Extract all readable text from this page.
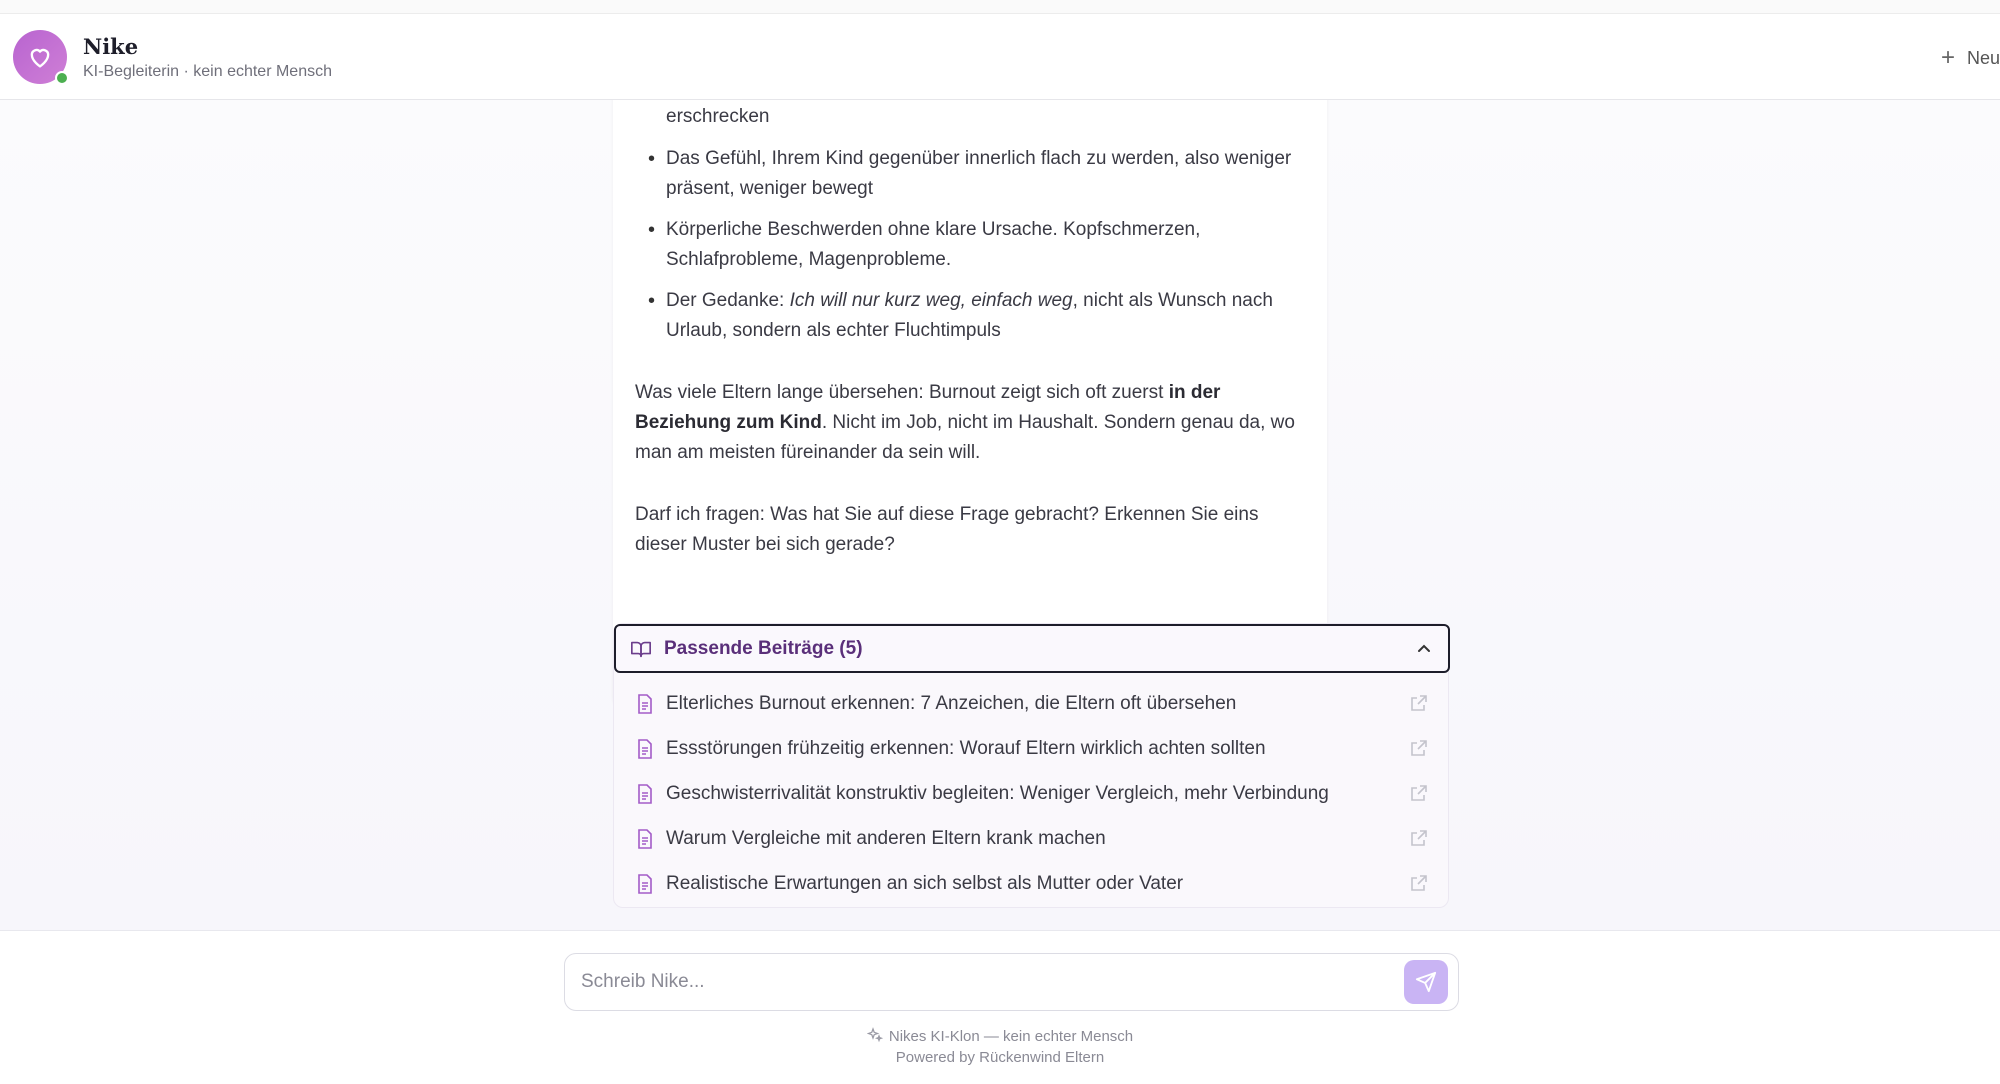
Nike
KI-Begleiterin · kein echter Mensch
+ Neu
erschrecken
• Das Gefühl, Ihrem Kind gegenüber innerlich flach zu werden, also weniger präsent, weniger bewegt
• Körperliche Beschwerden ohne klare Ursache. Kopfschmerzen, Schlafprobleme, Magenprobleme.
• Der Gedanke: Ich will nur kurz weg, einfach weg, nicht als Wunsch nach Urlaub, sondern als echter Fluchtimpuls

Was viele Eltern lange übersehen: Burnout zeigt sich oft zuerst in der Beziehung zum Kind. Nicht im Job, nicht im Haushalt. Sondern genau da, wo man am meisten füreinander da sein will.

Darf ich fragen: Was hat Sie auf diese Frage gebracht? Erkennen Sie eins dieser Muster bei sich gerade?

Passende Beiträge (5)
Elterliches Burnout erkennen: 7 Anzeichen, die Eltern oft übersehen
Essstörungen frühzeitig erkennen: Worauf Eltern wirklich achten sollten
Geschwisterrivalität konstruktiv begleiten: Weniger Vergleich, mehr Verbindung
Warum Vergleiche mit anderen Eltern krank machen
Realistische Erwartungen an sich selbst als Mutter oder Vater
Schreib Nike...
Nikes KI-Klon — kein echter Mensch
Powered by Rückenwind Eltern
